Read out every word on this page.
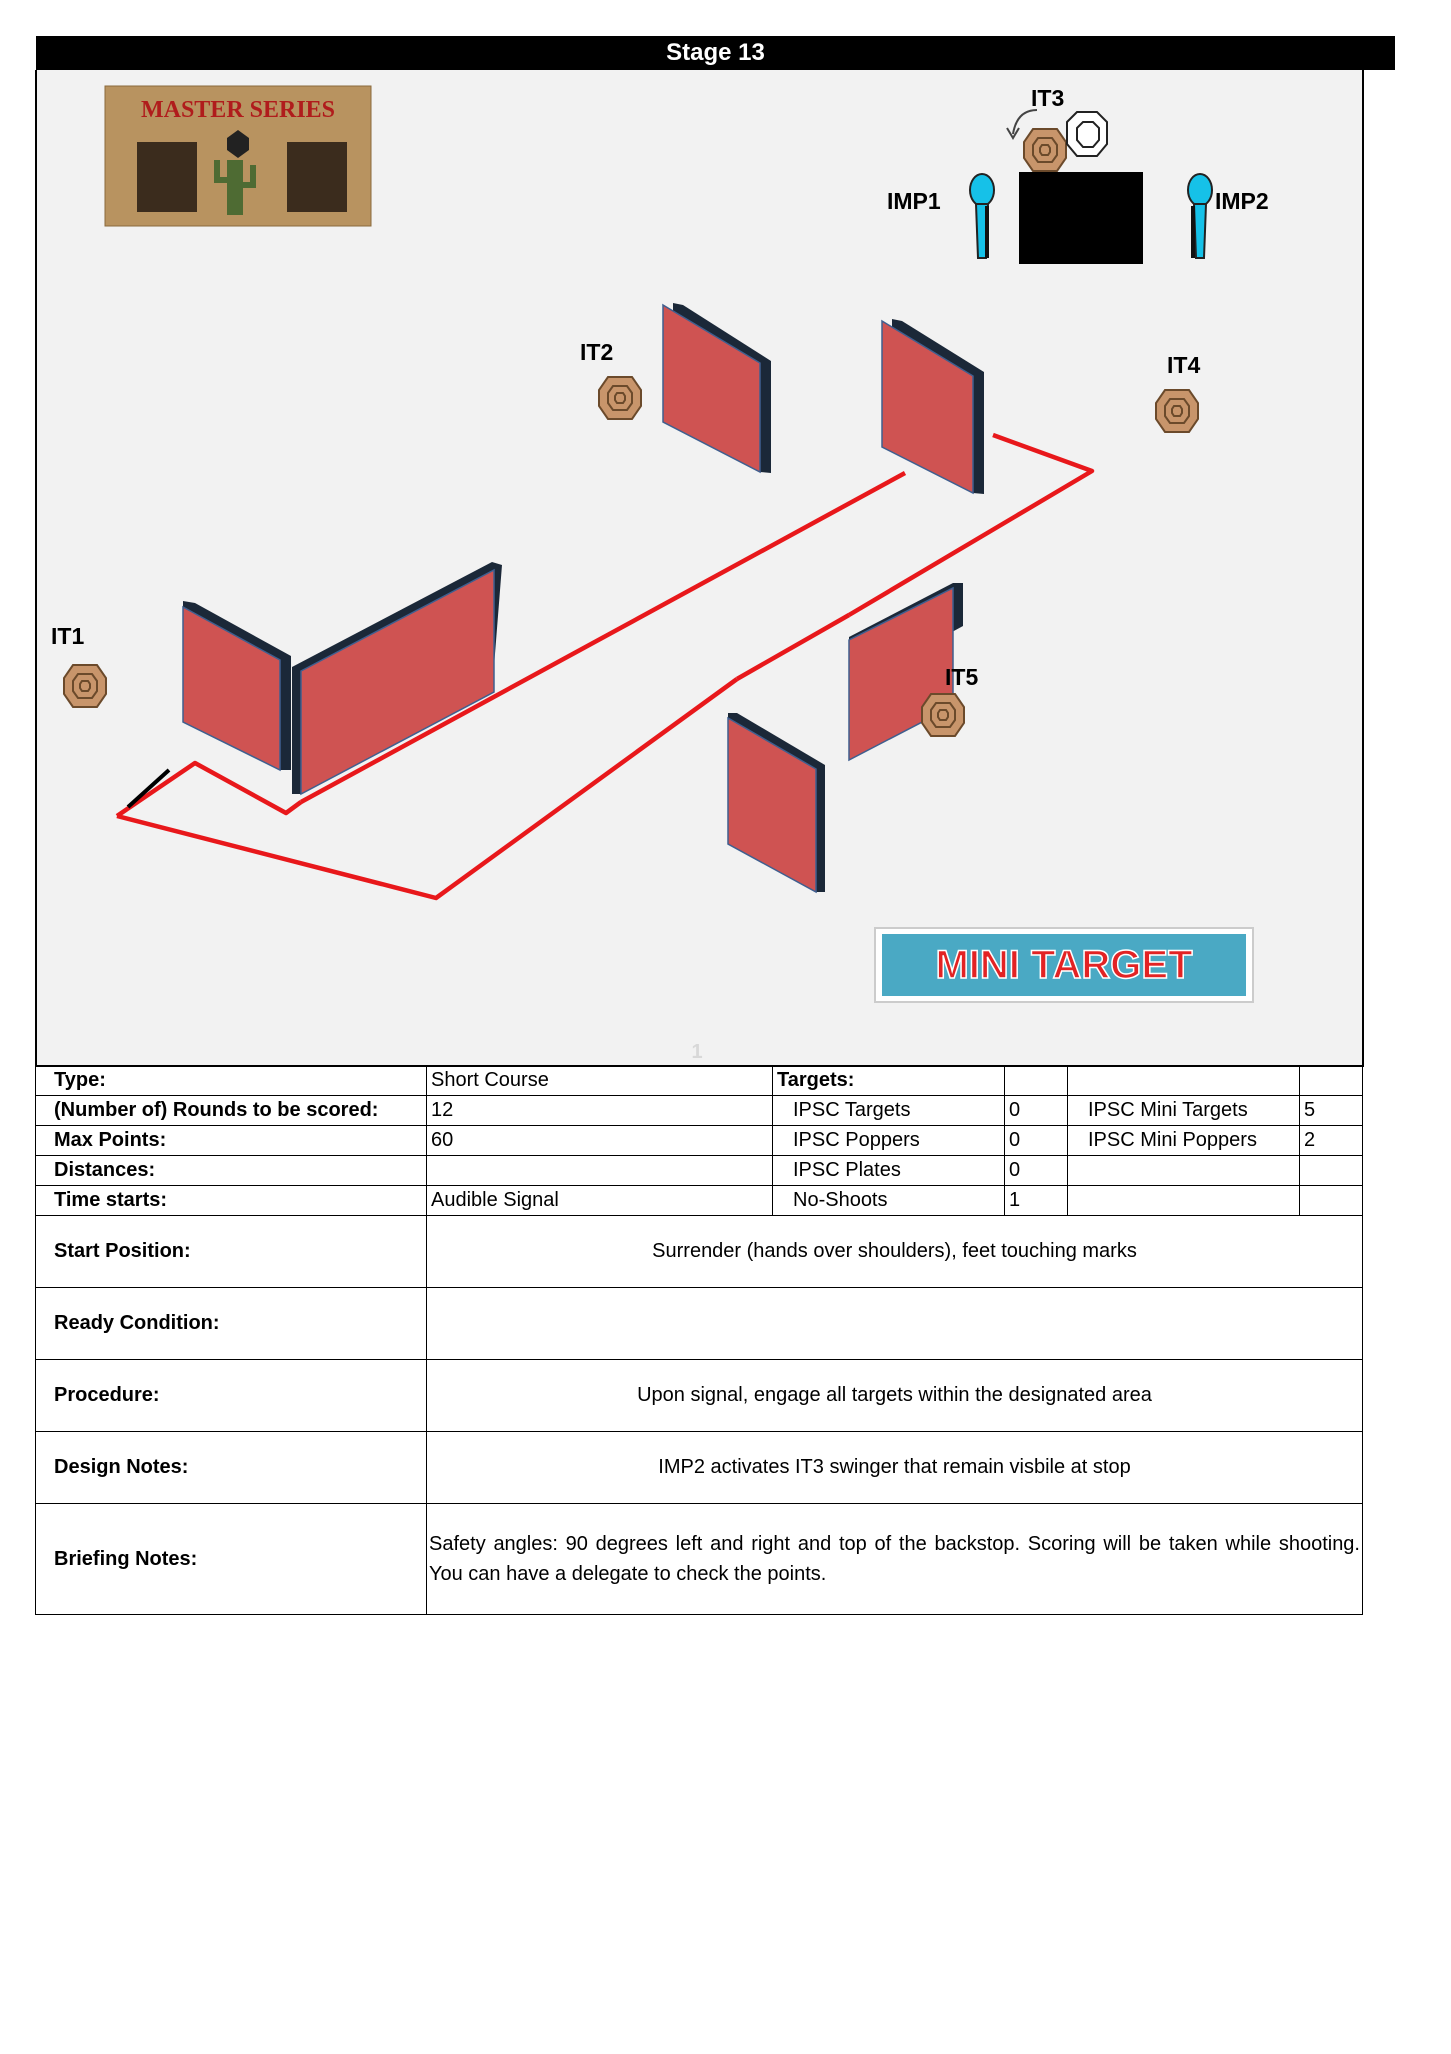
Stage 13
MASTER SERIES
IT1
IT2
IT3
IT4
IT5
IMP1	IMP2
MINI TARGET
1
Type:	Short Course	Targets:			
(Number of) Rounds to be scored:	12	IPSC Targets	0	IPSC Mini Targets	5
Max Points:	60	IPSC Poppers	0	IPSC Mini Poppers	2
Distances:		IPSC Plates	0		
Time starts:	Audible Signal	No-Shoots	1		
Start Position:	Surrender (hands over shoulders), feet touching marks				
Ready Condition:					
Procedure:	Upon signal, engage all targets within the designated area				
Design Notes:	IMP2 activates IT3 swinger that remain visbile at stop				
Briefing Notes:	Safety angles: 90 degrees left and right and top of the backstop. Scoring will be taken while shooting. You can have a delegate to check the points.				
